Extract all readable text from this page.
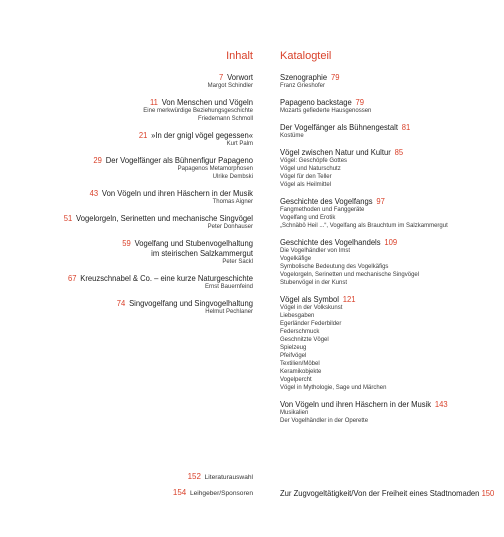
Inhalt Katalogteil
7  Vorwort
Margot Schindler
11  Von Menschen und Vögeln
Eine merkwürdige Beziehungsgeschichte
Friedemann Schmoll
21  »In der gnigl vögel gegessen«
Kurt Palm
29  Der Vogelfänger als Bühnenfigur Papageno
Papagenos Metamorphosen
Ulrike Dembski
43  Von Vögeln und ihren Häschern in der Musik
Thomas Aigner
51  Vogelorgeln, Serinetten und mechanische Singvögel
Peter Donhauser
59  Vogelfang und Stubenvogelhaltung
im steirischen Salzkammergut
Peter Sackl
67  Kreuzschnabel & Co. – eine kurze Naturgeschichte
Ernst Bauernfeind
74  Singvogelfang und Singvogelhaltung
Helmut Pechlaner
Szenographie  79
Franz Grieshofer
Papageno backstage  79
Mozarts gefiederte Hausgenossen
Der Vogelfänger als Bühnengestalt  81
Kostüme
Vögel zwischen Natur und Kultur  85
Vögel: Geschöpfe Gottes
Vögel und Naturschutz
Vögel für den Teller
Vögel als Heilmittel
Geschichte des Vogelfangs  97
Fangmethoden und Fanggeräte
Vogelfang und Erotik
„Schnäbö Heil ...“, Vogelfang als Brauchtum im Salzkammergut
Geschichte des Vogelhandels  109
Die Vogelhändler von Imst
Vogelkäfige
Symbolische Bedeutung des Vogelkäfigs
Vogelorgeln, Serinetten und mechanische Singvögel
Stubenvögel in der Kunst
Vögel als Symbol  121
Vögel in der Volkskunst
Liebesgaben
Egerländer Federbilder
Federschmuck
Geschnitzte Vögel
Spielzeug
Pfeifvögel
Textilien/Möbel
Keramikobjekte
Vogelpercht
Vögel in Mythologie, Sage und Märchen
Von Vögeln und ihren Häschern in der Musik  143
Musikalien
Der Vogelhändler in der Operette
152 Literaturauswahl
154 Leihgeber/Sponsoren	Zur Zugvogeltätigkeit/Von der Freiheit eines Stadtnomaden 150
